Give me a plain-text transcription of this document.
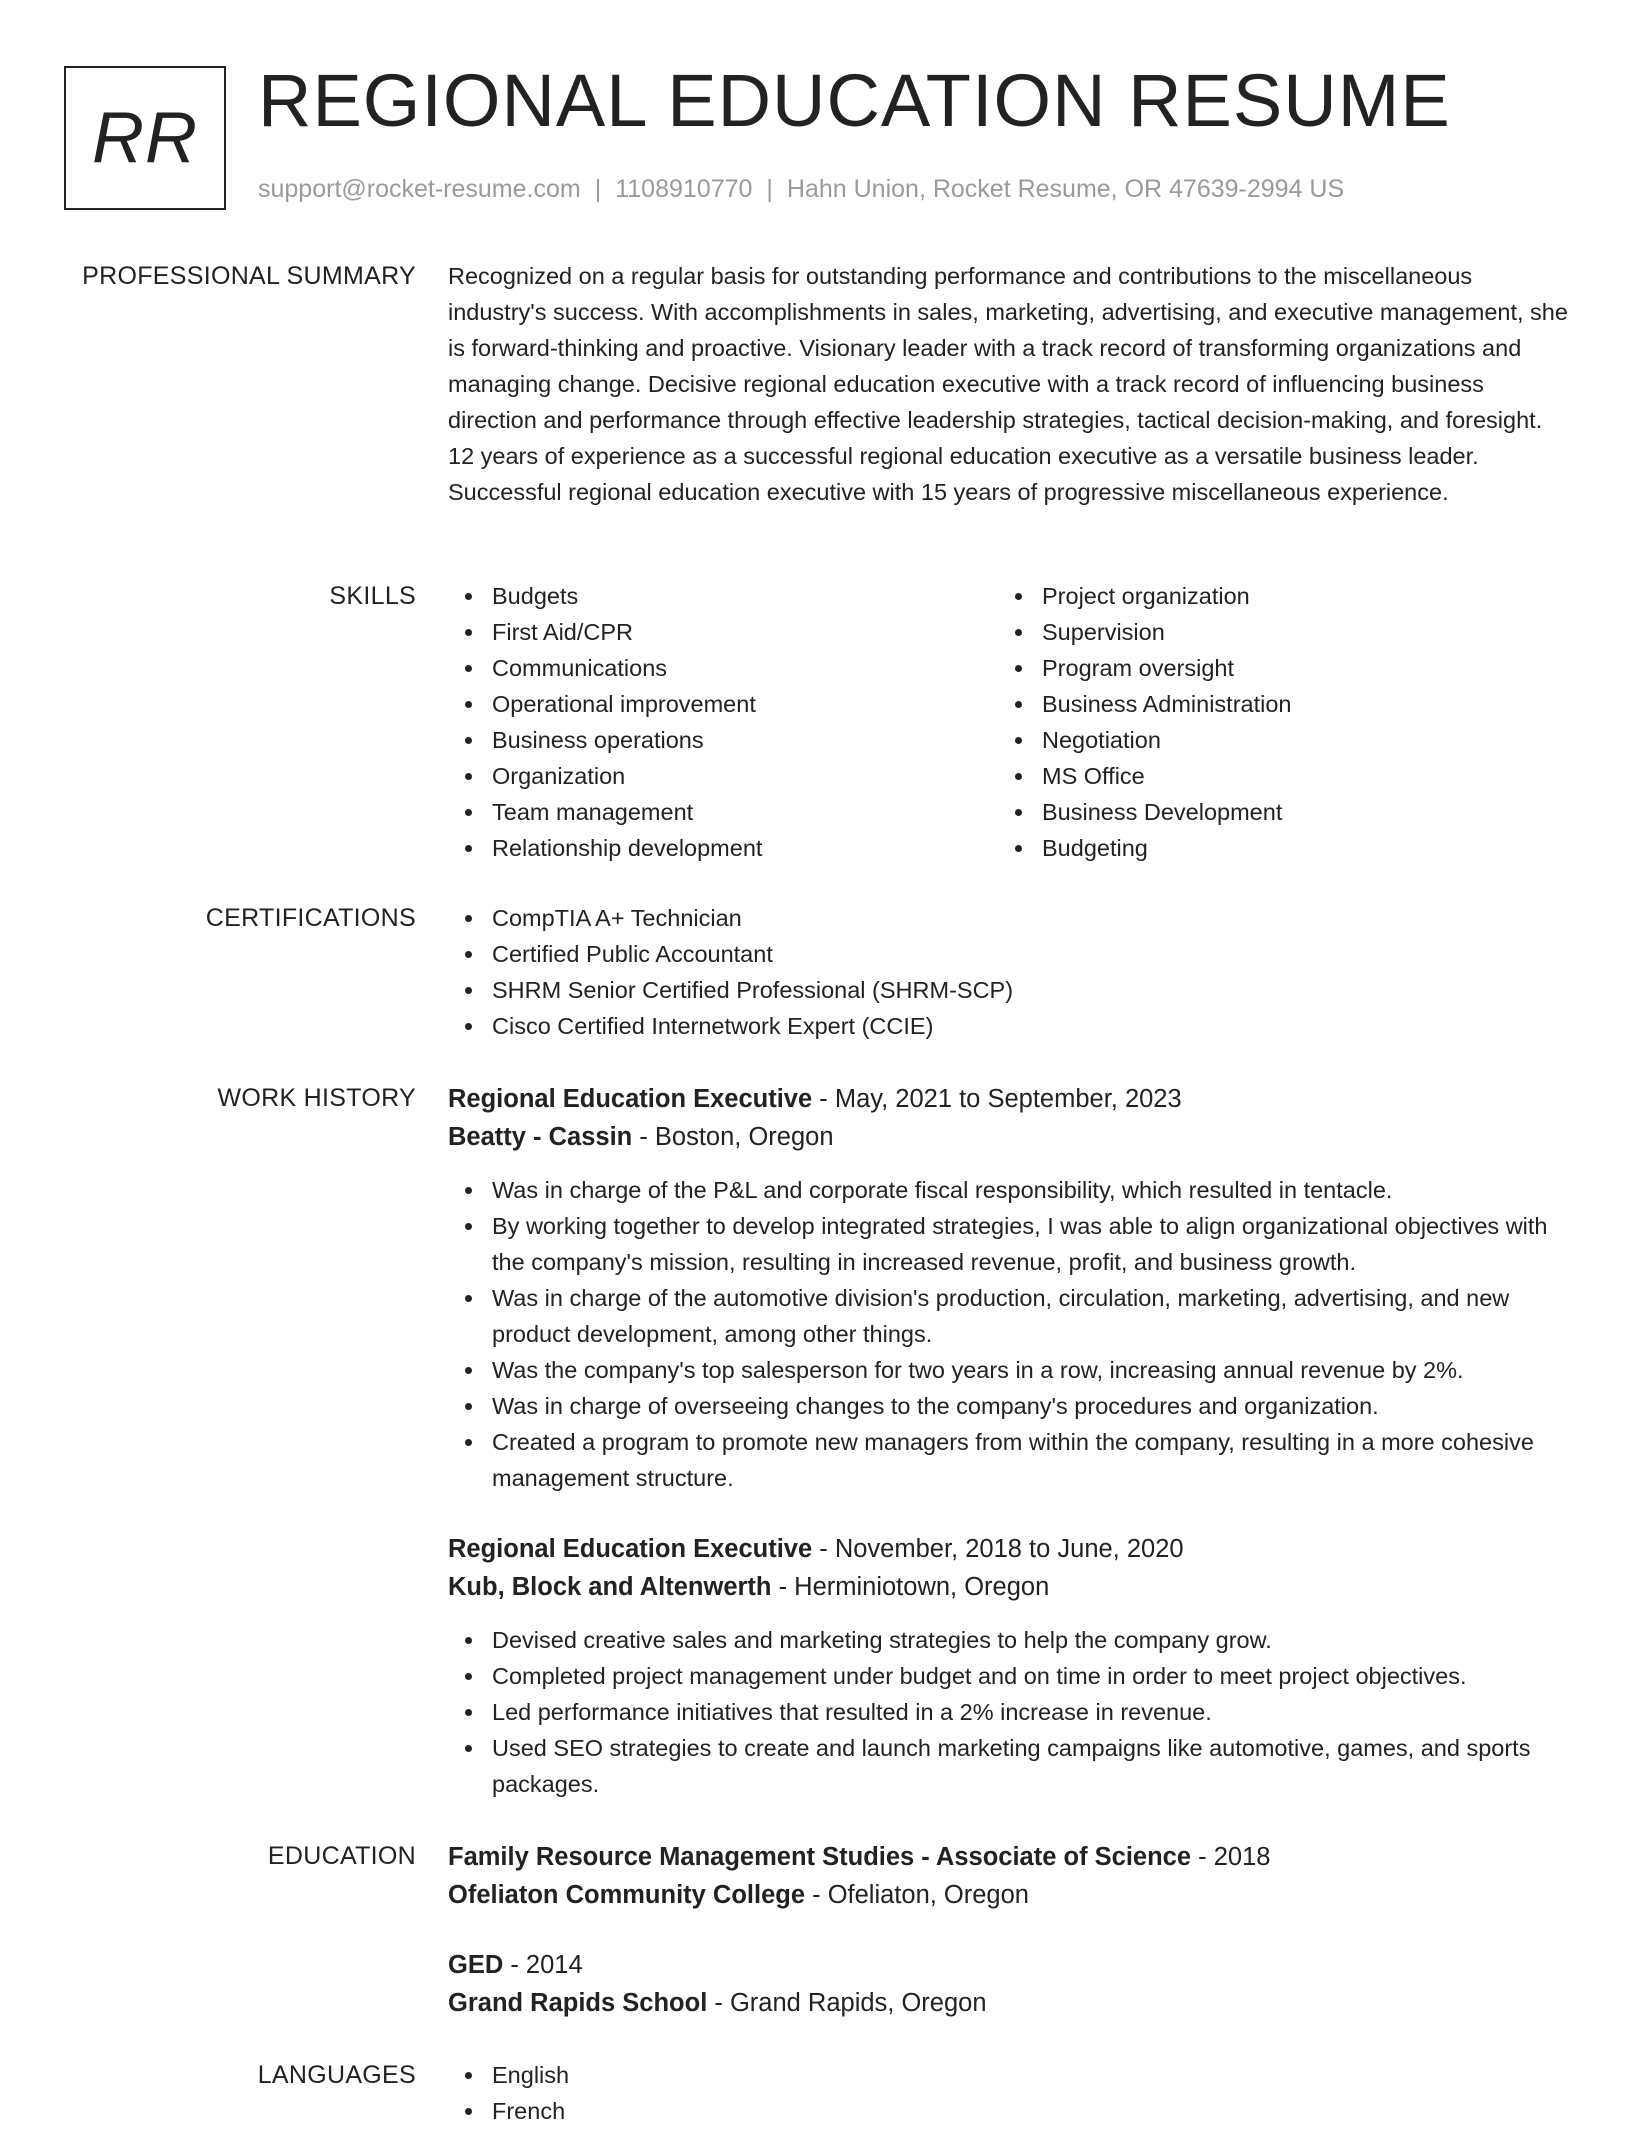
RR REGIONAL EDUCATION RESUME
support@rocket-resume.com | 1108910770 | Hahn Union, Rocket Resume, OR 47639-2994 US
PROFESSIONAL SUMMARY Recognized on a regular basis for outstanding performance and contributions to the miscellaneous industry's success. With accomplishments in sales, marketing, advertising, and executive management, she is forward-thinking and proactive. Visionary leader with a track record of transforming organizations and managing change. Decisive regional education executive with a track record of influencing business direction and performance through effective leadership strategies, tactical decision-making, and foresight. 12 years of experience as a successful regional education executive as a versatile business leader. Successful regional education executive with 15 years of progressive miscellaneous experience.

SKILLS	Budgets
First Aid/CPR
Communications
Operational improvement
Business operations
Organization
Team management
Relationship development
Project organization
Supervision
Program oversight
Business Administration
Negotiation
MS Office
Business Development
Budgeting
CERTIFICATIONS	CompTIA A+ Technician
Certified Public Accountant
SHRM Senior Certified Professional (SHRM-SCP)
Cisco Certified Internetwork Expert (CCIE)
WORK HISTORY Regional Education Executive - May, 2021 to September, 2023
Beatty - Cassin - Boston, Oregon
Was in charge of the P&L and corporate fiscal responsibility, which resulted in tentacle.
By working together to develop integrated strategies, I was able to align organizational objectives with the company's mission, resulting in increased revenue, profit, and business growth.
Was in charge of the automotive division's production, circulation, marketing, advertising, and new product development, among other things.
Was the company's top salesperson for two years in a row, increasing annual revenue by 2%.
Was in charge of overseeing changes to the company's procedures and organization.
Created a program to promote new managers from within the company, resulting in a more cohesive management structure.
Regional Education Executive - November, 2018 to June, 2020
Kub, Block and Altenwerth - Herminiotown, Oregon
Devised creative sales and marketing strategies to help the company grow.
Completed project management under budget and on time in order to meet project objectives.
Led performance initiatives that resulted in a 2% increase in revenue.
Used SEO strategies to create and launch marketing campaigns like automotive, games, and sports packages.
EDUCATION Family Resource Management Studies - Associate of Science - 2018
Ofeliaton Community College - Ofeliaton, Oregon
GED - 2014
Grand Rapids School - Grand Rapids, Oregon
LANGUAGES	English
French
